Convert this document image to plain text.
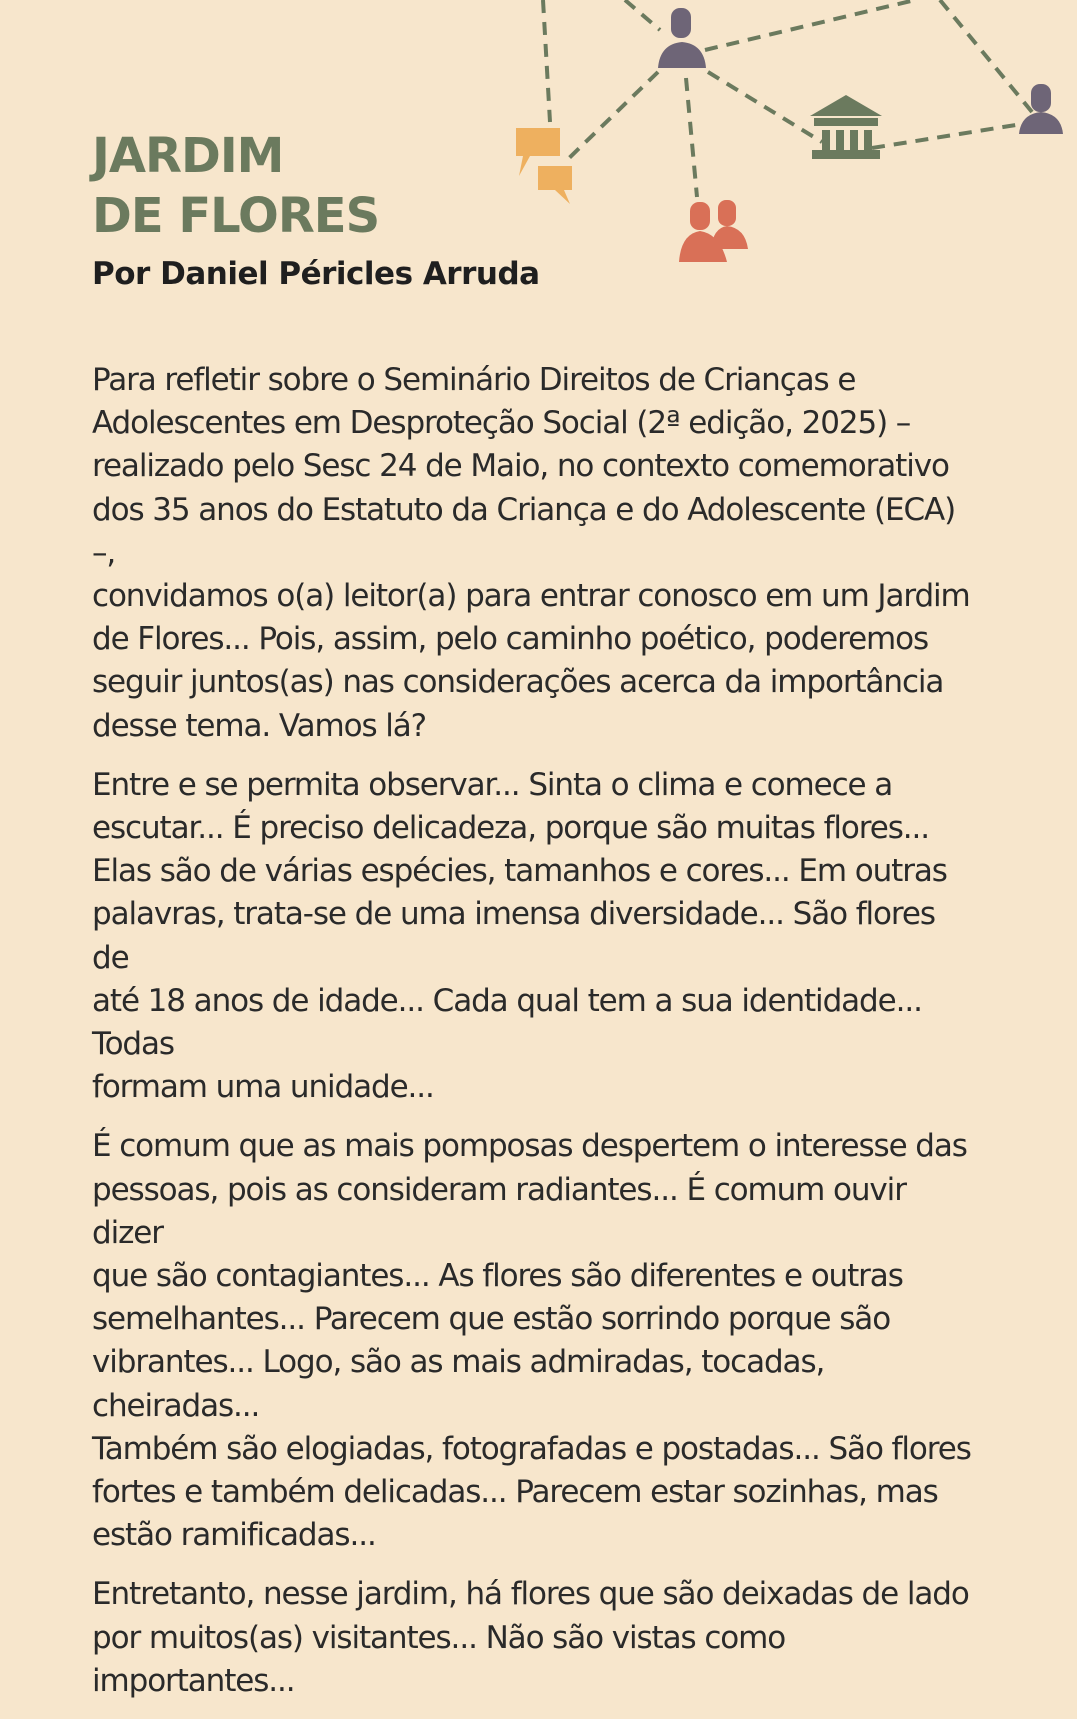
JARDIM
DE FLORES
Por Daniel Péricles Arruda

Para refletir sobre o Seminário Direitos de Crianças e
Adolescentes em Desproteção Social (2ª edição, 2025) –
realizado pelo Sesc 24 de Maio, no contexto comemorativo
dos 35 anos do Estatuto da Criança e do Adolescente (ECA) –,
convidamos o(a) leitor(a) para entrar conosco em um Jardim
de Flores... Pois, assim, pelo caminho poético, poderemos
seguir juntos(as) nas considerações acerca da importância
desse tema. Vamos lá?

Entre e se permita observar... Sinta o clima e comece a
escutar... É preciso delicadeza, porque são muitas flores...
Elas são de várias espécies, tamanhos e cores... Em outras
palavras, trata-se de uma imensa diversidade... São flores de
até 18 anos de idade... Cada qual tem a sua identidade... Todas
formam uma unidade...

É comum que as mais pomposas despertem o interesse das
pessoas, pois as consideram radiantes... É comum ouvir dizer
que são contagiantes... As flores são diferentes e outras
semelhantes... Parecem que estão sorrindo porque são
vibrantes... Logo, são as mais admiradas, tocadas, cheiradas...
Também são elogiadas, fotografadas e postadas... São flores
fortes e também delicadas... Parecem estar sozinhas, mas
estão ramificadas...

Entretanto, nesse jardim, há flores que são deixadas de lado
por muitos(as) visitantes... Não são vistas como importantes...
